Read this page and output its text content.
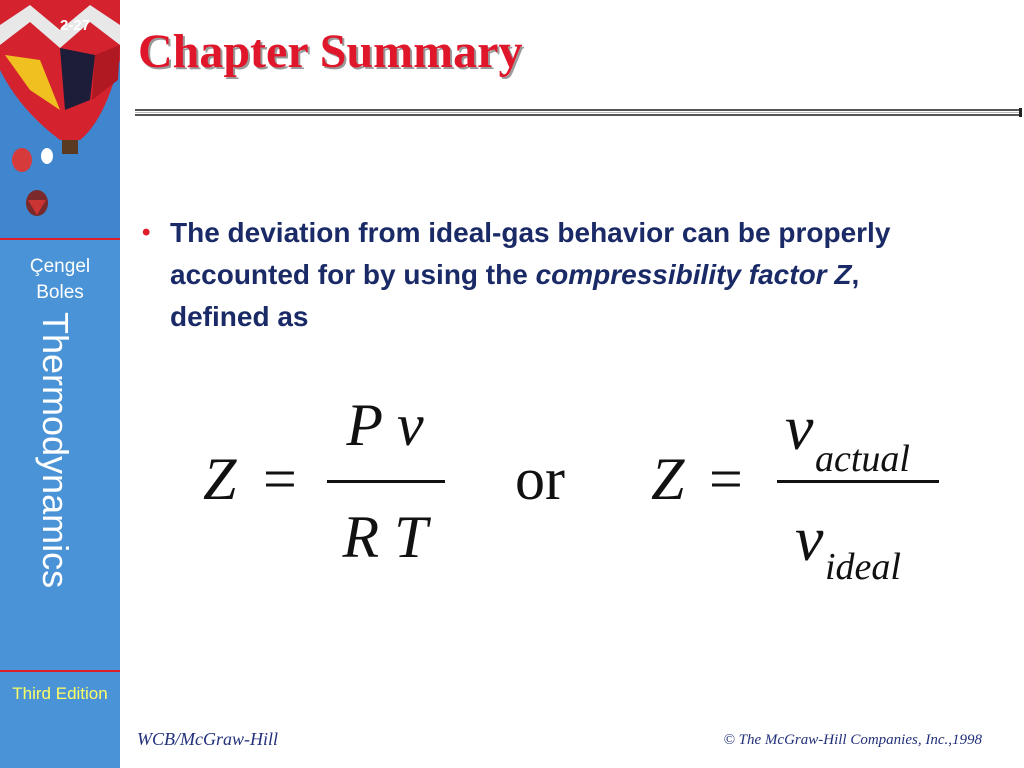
2-27
Çengel
Boles
Thermodynamics
Third Edition
Chapter Summary
• The deviation from ideal-gas behavior can be properly accounted for by using the compressibility factor Z, defined as
Z =
P v
R T
or Z =
v actual
v ideal
WCB/McGraw-Hill	© The McGraw-Hill Companies, Inc.,1998
